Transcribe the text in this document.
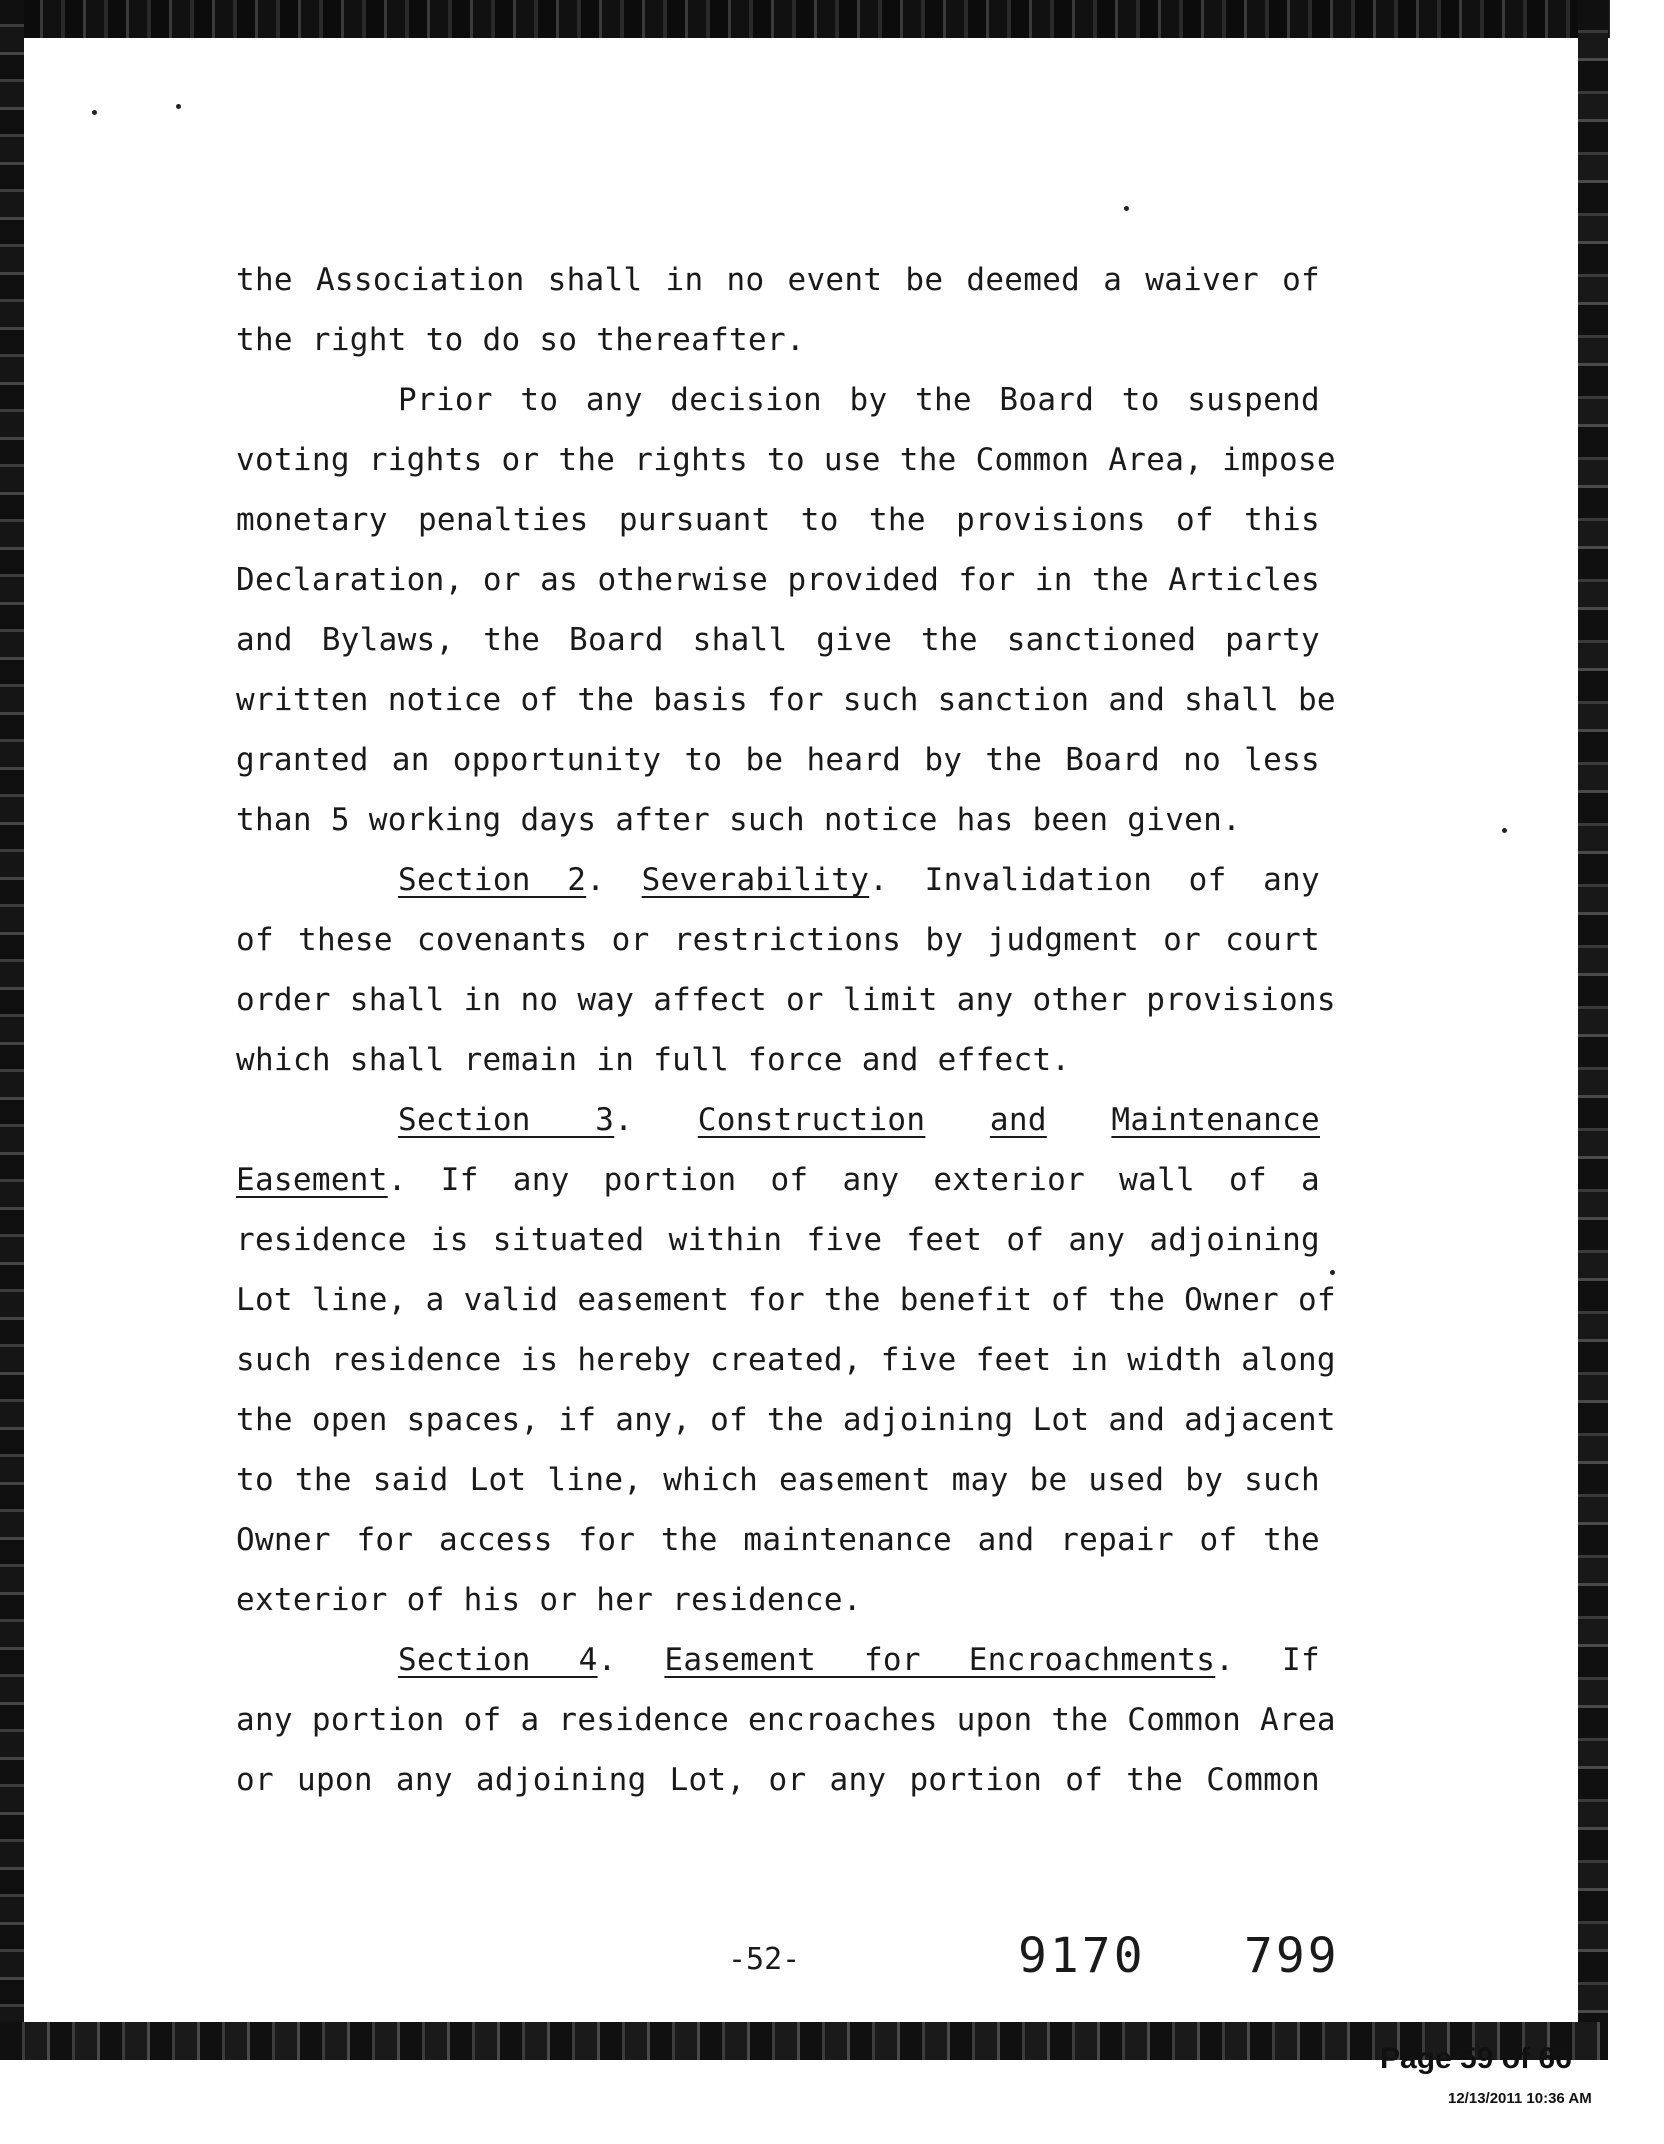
the Association shall in no event be deemed a waiver of
the right to do so thereafter.
Prior to any decision by the Board to suspend
voting rights or the rights to use the Common Area, impose
monetary penalties pursuant to the provisions of this
Declaration, or as otherwise provided for in the Articles
and Bylaws, the Board shall give the sanctioned party
written notice of the basis for such sanction and shall be
granted an opportunity to be heard by the Board no less
than 5 working days after such notice has been given.
Section 2. Severability. Invalidation of any
of these covenants or restrictions by judgment or court
order shall in no way affect or limit any other provisions
which shall remain in full force and effect.
Section 3. Construction and Maintenance
Easement. If any portion of any exterior wall of a
residence is situated within five feet of any adjoining
Lot line, a valid easement for the benefit of the Owner of
such residence is hereby created, five feet in width along
the open spaces, if any, of the adjoining Lot and adjacent
to the said Lot line, which easement may be used by such
Owner for access for the maintenance and repair of the
exterior of his or her residence.
Section 4. Easement for Encroachments. If
any portion of a residence encroaches upon the Common Area
or upon any adjoining Lot, or any portion of the Common
-52-	9170 799
Page 59 of 66
12/13/2011 10:36 AM
